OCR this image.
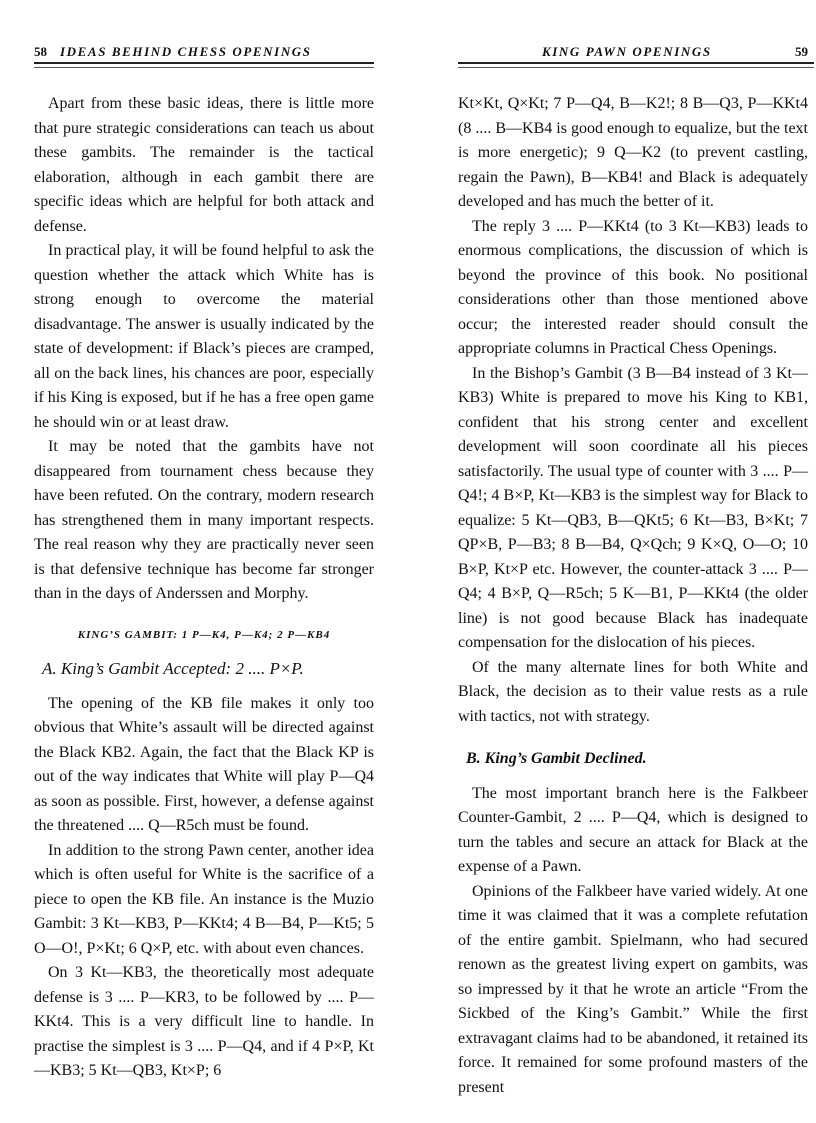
58 IDEAS BEHIND CHESS OPENINGS

Apart from these basic ideas, there is little more that pure strategic considerations can teach us about these gambits. The remainder is the tactical elaboration, although in each gambit there are specific ideas which are helpful for both attack and defense.

In practical play, it will be found helpful to ask the question whether the attack which White has is strong enough to overcome the material disadvantage. The answer is usually indicated by the state of development: if Black’s pieces are cramped, all on the back lines, his chances are poor, especially if his King is exposed, but if he has a free open game he should win or at least draw.

It may be noted that the gambits have not disappeared from tournament chess because they have been refuted. On the contrary, modern research has strengthened them in many important respects. The real reason why they are practically never seen is that defensive technique has become far stronger than in the days of Anderssen and Morphy.

KING’S GAMBIT: 1 P—K4, P—K4; 2 P—KB4
A. King’s Gambit Accepted: 2 .... P×P.

The opening of the KB file makes it only too obvious that White’s assault will be directed against the Black KB2. Again, the fact that the Black KP is out of the way indicates that White will play P—Q4 as soon as possible. First, however, a defense against the threatened .... Q—R5ch must be found.

In addition to the strong Pawn center, another idea which is often useful for White is the sacrifice of a piece to open the KB file. An instance is the Muzio Gambit: 3 Kt—KB3, P—KKt4; 4 B—B4, P—Kt5; 5 O—O!, P×Kt; 6 Q×P, etc. with about even chances.

On 3 Kt—KB3, the theoretically most adequate defense is 3 .... P—KR3, to be followed by .... P—KKt4. This is a very difficult line to handle. In practise the simplest is 3 .... P—Q4, and if 4 P×P, Kt—KB3; 5 Kt—QB3, Kt×P; 6

KING PAWN OPENINGS	59

Kt×Kt, Q×Kt; 7 P—Q4, B—K2!; 8 B—Q3, P—KKt4 (8 .... B—KB4 is good enough to equalize, but the text is more energetic); 9 Q—K2 (to prevent castling, regain the Pawn), B—KB4! and Black is adequately developed and has much the better of it.

The reply 3 .... P—KKt4 (to 3 Kt—KB3) leads to enormous complications, the discussion of which is beyond the province of this book. No positional considerations other than those mentioned above occur; the interested reader should consult the appropriate columns in Practical Chess Openings.

In the Bishop’s Gambit (3 B—B4 instead of 3 Kt—KB3) White is prepared to move his King to KB1, confident that his strong center and excellent development will soon coordinate all his pieces satisfactorily. The usual type of counter with 3 .... P—Q4!; 4 B×P, Kt—KB3 is the simplest way for Black to equalize: 5 Kt—QB3, B—QKt5; 6 Kt—B3, B×Kt; 7 QP×B, P—B3; 8 B—B4, Q×Qch; 9 K×Q, O—O; 10 B×P, Kt×P etc. However, the counter-attack 3 .... P—Q4; 4 B×P, Q—R5ch; 5 K—B1, P—KKt4 (the older line) is not good because Black has inadequate compensation for the dislocation of his pieces.

Of the many alternate lines for both White and Black, the decision as to their value rests as a rule with tactics, not with strategy.

B. King’s Gambit Declined.

The most important branch here is the Falkbeer Counter-Gambit, 2 .... P—Q4, which is designed to turn the tables and secure an attack for Black at the expense of a Pawn.

Opinions of the Falkbeer have varied widely. At one time it was claimed that it was a complete refutation of the entire gambit. Spielmann, who had secured renown as the greatest living expert on gambits, was so impressed by it that he wrote an article “From the Sickbed of the King’s Gambit.” While the first extravagant claims had to be abandoned, it retained its force. It remained for some profound masters of the present
